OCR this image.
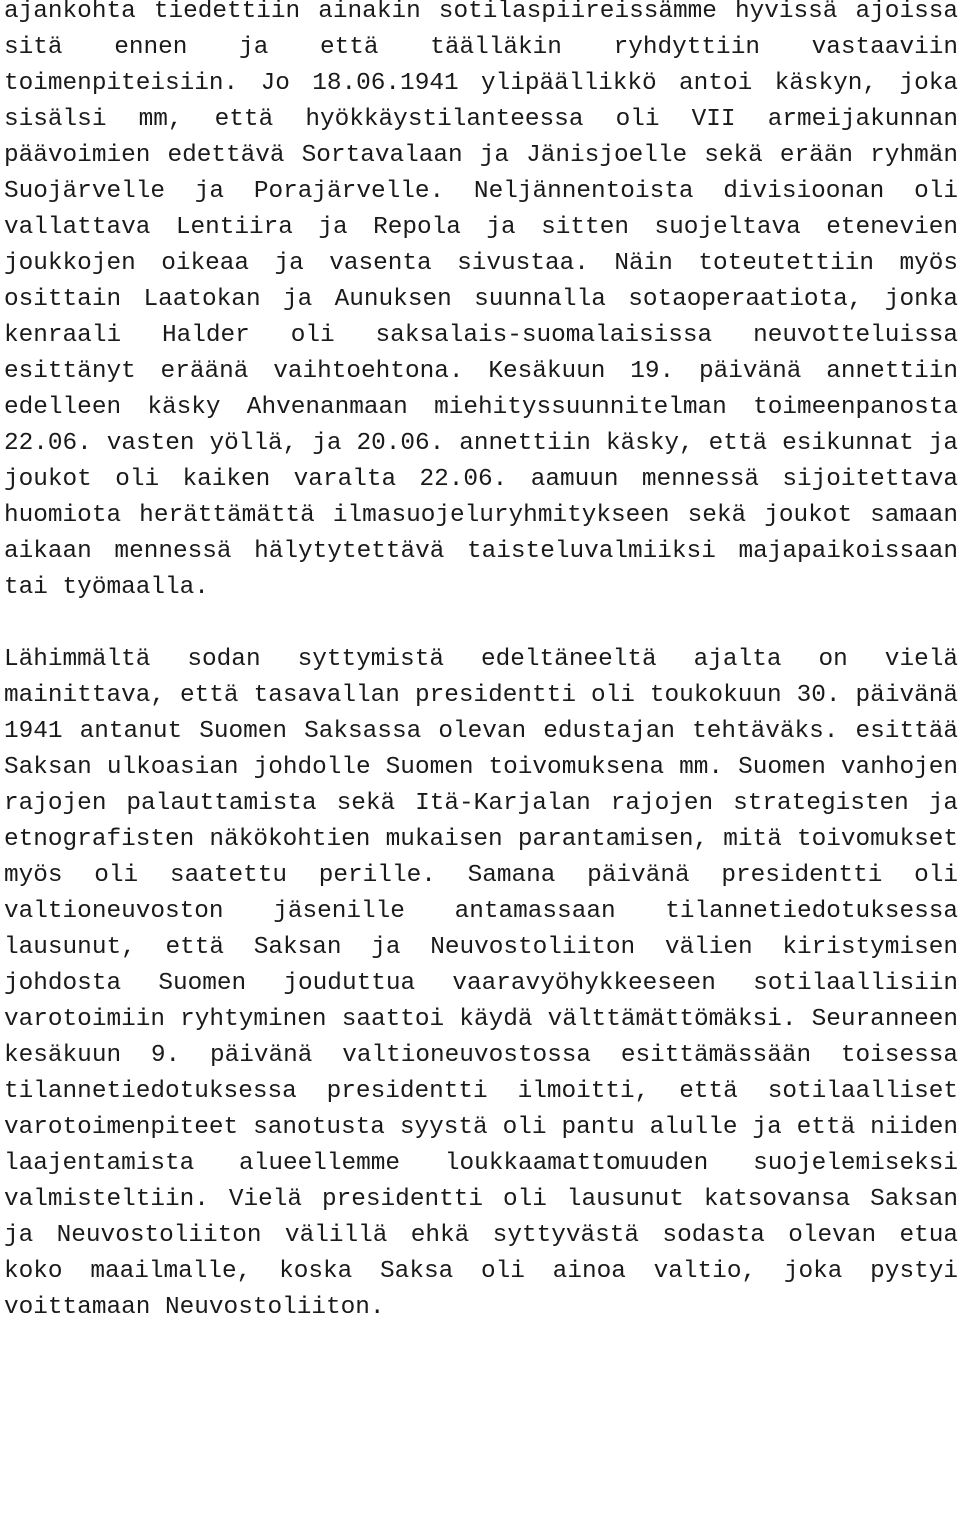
ajankohta tiedettiin ainakin sotilaspiireissämme hyvissä ajoissa sitä ennen ja että täälläkin ryhdyttiin vastaaviin toimenpiteisiin. Jo 18.06.1941 ylipäällikkö antoi käskyn, joka sisälsi mm, että hyökkäystilanteessa oli VII armeijakunnan päävoimien edettävä Sortavalaan ja Jänisjoelle sekä erään ryhmän Suojärvelle ja Porajärvelle. Neljännentoista divisioonan oli vallattava Lentiira ja Repola ja sitten suojeltava etenevien joukkojen oikeaa ja vasenta sivustaa. Näin toteutettiin myös osittain Laatokan ja Aunuksen suunnalla sotaoperaatiota, jonka kenraali Halder oli saksalais-suomalaisissa neuvotteluissa esittänyt eräänä vaihtoehtona. Kesäkuun 19. päivänä annettiin edelleen käsky Ahvenanmaan miehityssuunnitelman toimeenpanosta 22.06. vasten yöllä, ja 20.06. annettiin käsky, että esikunnat ja joukot oli kaiken varalta 22.06. aamuun mennessä sijoitettava huomiota herättämättä ilmasuojeluryhmitykseen sekä joukot samaan aikaan mennessä hälytytettävä taisteluvalmiiksi majapaikoissaan tai työmaalla.

Lähimmältä sodan syttymistä edeltäneeltä ajalta on vielä mainittava, että tasavallan presidentti oli toukokuun 30. päivänä 1941 antanut Suomen Saksassa olevan edustajan tehtäväks. esittää Saksan ulkoasian johdolle Suomen toivomuksena mm. Suomen vanhojen rajojen palauttamista sekä Itä-Karjalan rajojen strategisten ja etnografisten näkökohtien mukaisen parantamisen, mitä toivomukset myös oli saatettu perille. Samana päivänä presidentti oli valtioneuvoston jäsenille antamassaan tilannetiedotuksessa lausunut, että Saksan ja Neuvostoliiton välien kiristymisen johdosta Suomen jouduttua vaaravyöhykkeeseen sotilaallisiin varotoimiin ryhtyminen saattoi käydä välttämättömäksi. Seuranneen kesäkuun 9. päivänä valtioneuvostossa esittämässään toisessa tilannetiedotuksessa presidentti ilmoitti, että sotilaalliset varotoimenpiteet sanotusta syystä oli pantu alulle ja että niiden laajentamista alueellemme loukkaamattomuuden suojelemiseksi valmisteltiin. Vielä presidentti oli lausunut katsovansa Saksan ja Neuvostoliiton välillä ehkä syttyvästä sodasta olevan etua koko maailmalle, koska Saksa oli ainoa valtio, joka pystyi voittamaan Neuvostoliiton.
